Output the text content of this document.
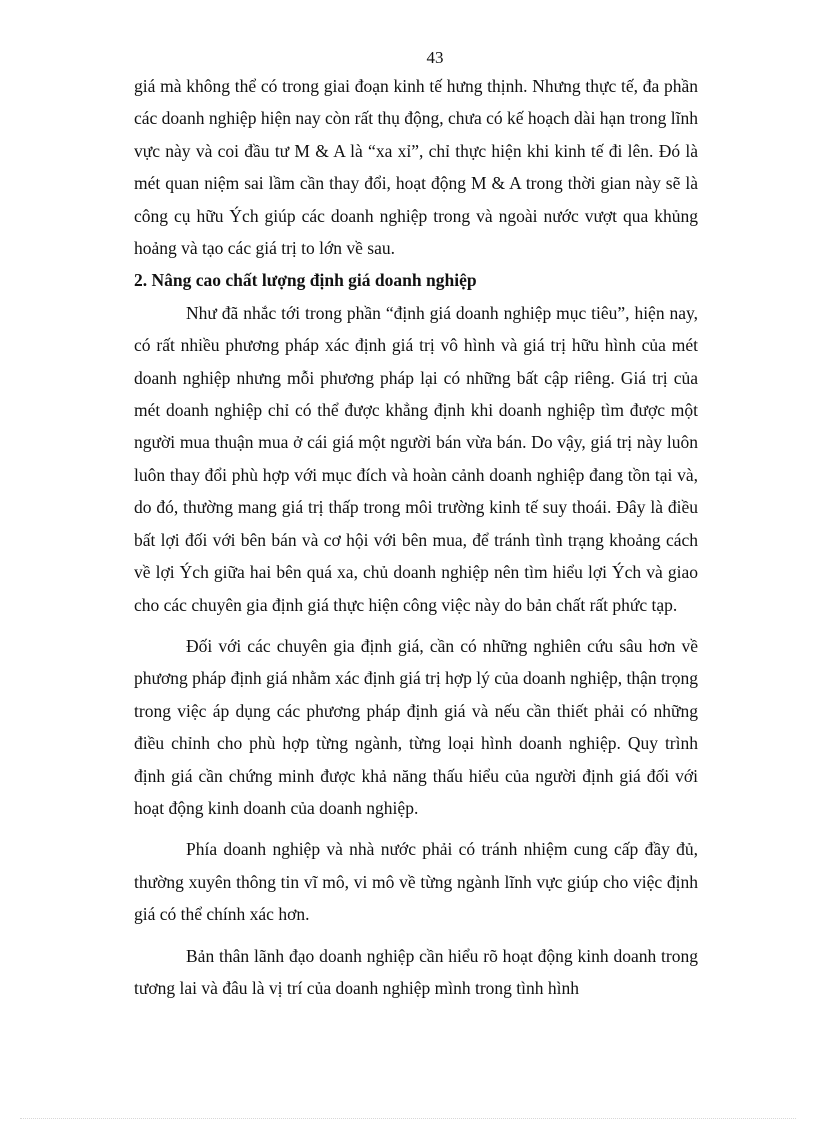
43

giá mà không thể có trong giai đoạn kinh tế hưng thịnh. Nhưng thực tế, đa phần các doanh nghiệp hiện nay còn rất thụ động, chưa có kế hoạch dài hạn trong lĩnh vực này và coi đầu tư M & A là “xa xỉ”, chỉ thực hiện khi kinh tế đi lên. Đó là mét quan niệm sai lầm cần thay đổi, hoạt động M & A trong thời gian này sẽ là công cụ hữu Ých giúp các doanh nghiệp trong và ngoài nước vượt qua khủng hoảng và tạo các giá trị to lớn về sau.

2. Nâng cao chất lượng định giá doanh nghiệp

Như đã nhắc tới trong phần “định giá doanh nghiệp mục tiêu”, hiện nay, có rất nhiều phương pháp xác định giá trị vô hình và giá trị hữu hình của mét doanh nghiệp nhưng mỗi phương pháp lại có những bất cập riêng. Giá trị của mét doanh nghiệp chỉ có thể được khẳng định khi doanh nghiệp tìm được một người mua thuận mua ở cái giá một người bán vừa bán. Do vậy, giá trị này luôn luôn thay đổi phù hợp với mục đích và hoàn cảnh doanh nghiệp đang tồn tại và, do đó, thường mang giá trị thấp trong môi trường kinh tế suy thoái. Đây là điều bất lợi đối với bên bán và cơ hội với bên mua, để tránh tình trạng khoảng cách về lợi Ých giữa hai bên quá xa, chủ doanh nghiệp nên tìm hiểu lợi Ých và giao cho các chuyên gia định giá thực hiện công việc này do bản chất rất phức tạp.

Đối với các chuyên gia định giá, cần có những nghiên cứu sâu hơn về phương pháp định giá nhằm xác định giá trị hợp lý của doanh nghiệp, thận trọng trong việc áp dụng các phương pháp định giá và nếu cần thiết phải có những điều chỉnh cho phù hợp từng ngành, từng loại hình doanh nghiệp. Quy trình định giá cần chứng minh được khả năng thấu hiểu của người định giá đối với hoạt động kinh doanh của doanh nghiệp.

Phía doanh nghiệp và nhà nước phải có tránh nhiệm cung cấp đầy đủ, thường xuyên thông tin vĩ mô, vi mô về từng ngành lĩnh vực giúp cho việc định giá có thể chính xác hơn.

Bản thân lãnh đạo doanh nghiệp cần hiểu rõ hoạt động kinh doanh trong tương lai và đâu là vị trí của doanh nghiệp mình trong tình hình
